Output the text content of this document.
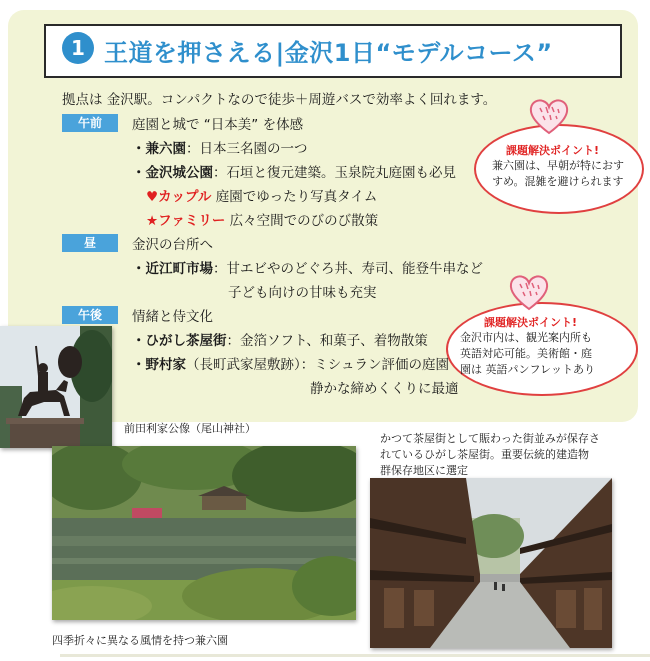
1 王道を押さえる|金沢1日“モデルコース”
拠点は 金沢駅。コンパクトなので徒歩＋周遊バスで効率よく回れます。
午前	庭園と城で “日本美” を体感
・兼六園：日本三名園の一つ
・金沢城公園：石垣と復元建築。玉泉院丸庭園も必見
♥カップル 庭園でゆったり写真タイム
★ファミリー 広々空間でのびのび散策
昼	金沢の台所へ
・近江町市場：甘エビやのどぐろ丼、寿司、能登牛串など
子ども向けの甘味も充実
午後	情緒と侍文化
・ひがし茶屋街：金箔ソフト、和菓子、着物散策
・野村家（長町武家屋敷跡）：ミシュラン評価の庭園
静かな締めくくりに最適
課題解決ポイント!
兼六園は、早朝が特におす
すめ。混雑を避けられます
課題解決ポイント!
金沢市内は、観光案内所も
英語対応可能。美術館・庭
園は 英語パンフレットあり
前田利家公像（尾山神社）
四季折々に異なる風情を持つ兼六園
かつて茶屋街として賑わった街並みが保存さ
れているひがし茶屋街。重要伝統的建造物
群保存地区に選定
